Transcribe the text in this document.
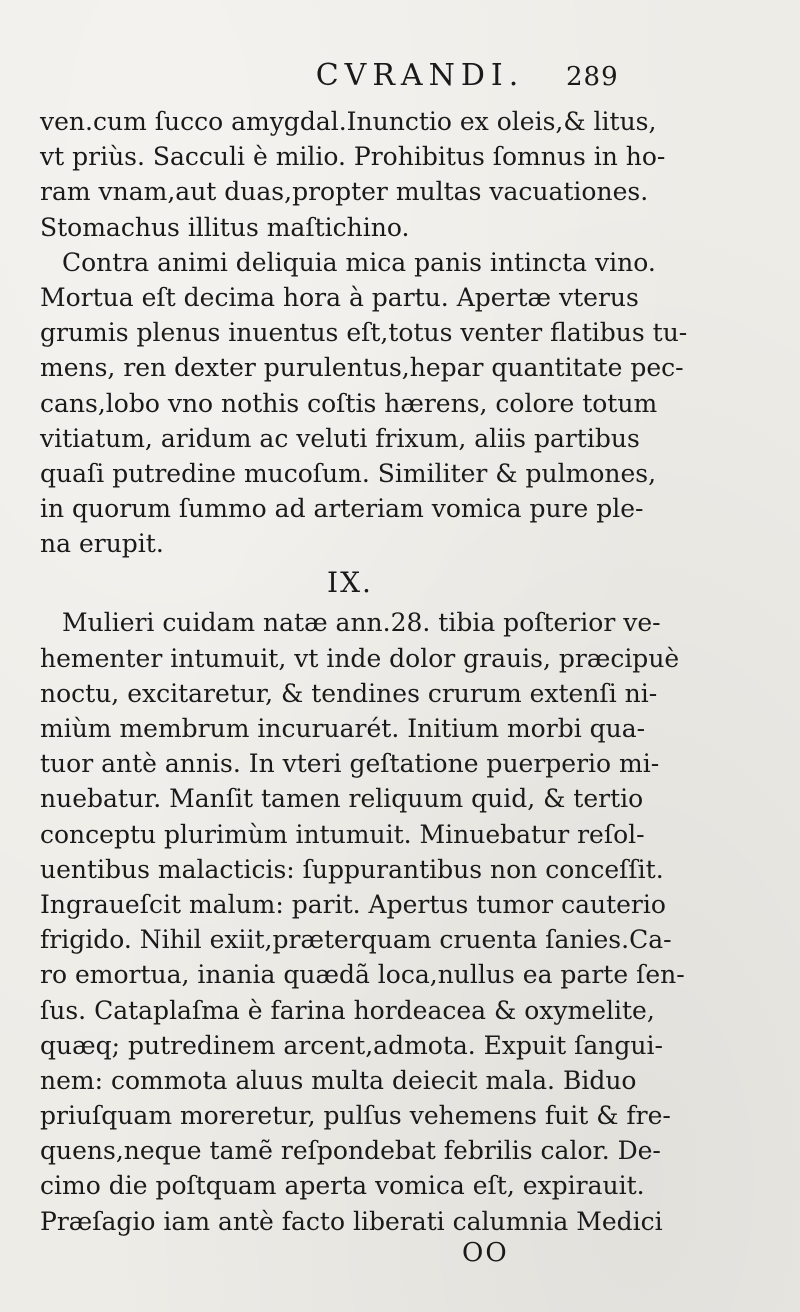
CVRANDI.	289
ven.cum ſucco amygdal.Inunctio ex oleis,& litus,
vt priùs. Sacculi è milio. Prohibitus ſomnus in ho-
ram vnam,aut duas,propter multas vacuationes.
Stomachus illitus maſtichino.
Contra animi deliquia mica panis intincta vino.
Mortua eſt decima hora à partu. Apertæ vterus
grumis plenus inuentus eſt,totus venter flatibus tu-
mens, ren dexter purulentus,hepar quantitate pec-
cans,lobo vno nothis coſtis hærens, colore totum
vitiatum, aridum ac veluti frixum, aliis partibus
quaſi putredine mucoſum. Similiter & pulmones,
in quorum ſummo ad arteriam vomica pure ple-
na erupit.
IX.
Mulieri cuidam natæ ann.28. tibia poſterior ve-
hementer intumuit, vt inde dolor grauis, præcipuè
noctu, excitaretur, & tendines crurum extenſi ni-
miùm membrum incuruarét. Initium morbi qua-
tuor antè annis. In vteri geſtatione puerperio mi-
nuebatur. Manſit tamen reliquum quid, & tertio
conceptu plurimùm intumuit. Minuebatur reſol-
uentibus malacticis: ſuppurantibus non conceſſit.
Ingraueſcit malum: parit. Apertus tumor cauterio
frigido. Nihil exiit,præterquam cruenta ſanies.Ca-
ro emortua, inania quædã loca,nullus ea parte ſen-
ſus. Cataplaſma è farina hordeacea & oxymelite,
quæq; putredinem arcent,admota. Expuit ſangui-
nem: commota aluus multa deiecit mala. Biduo
priuſquam moreretur, pulſus vehemens fuit & fre-
quens,neque tamẽ reſpondebat febrilis calor. De-
cimo die poſtquam aperta vomica eſt, expirauit.
Præſagio iam antè facto liberati calumnia Medici
OO
